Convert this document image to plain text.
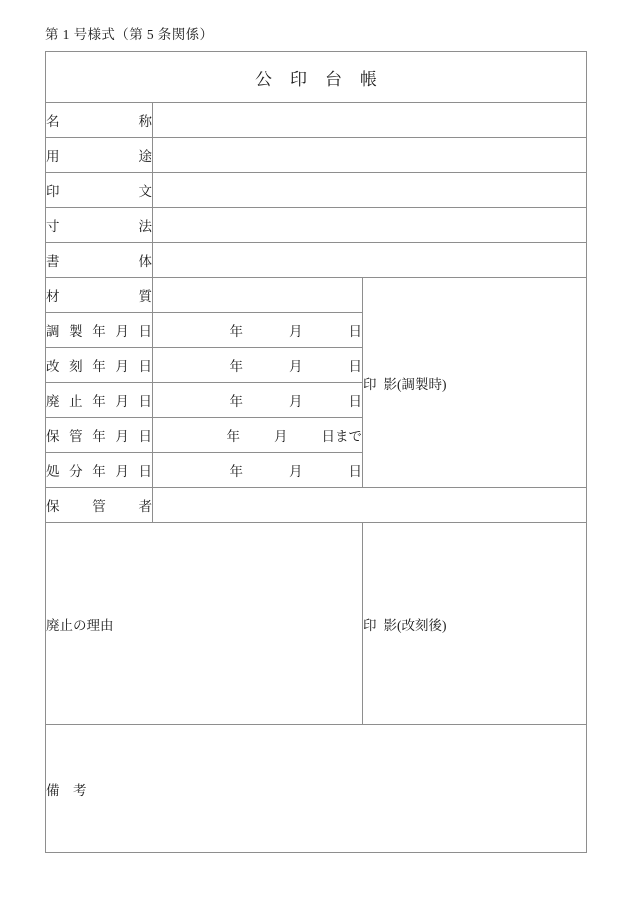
第 1 号様式（第 5 条関係）
公印台帳		

名 称		

用 途		

印 文		

寸 法		

書 体		

材 質		印 影(調製時)

調 製 年 月 日	年 月 日	

改 刻 年 月 日	年 月 日	

廃 止 年 月 日	年 月 日	

保 管 年 月 日	年 月 日まで	

処 分 年 月 日	年 月 日	

保 管 者		

廃止の理由		印 影(改刻後)

備　考		
